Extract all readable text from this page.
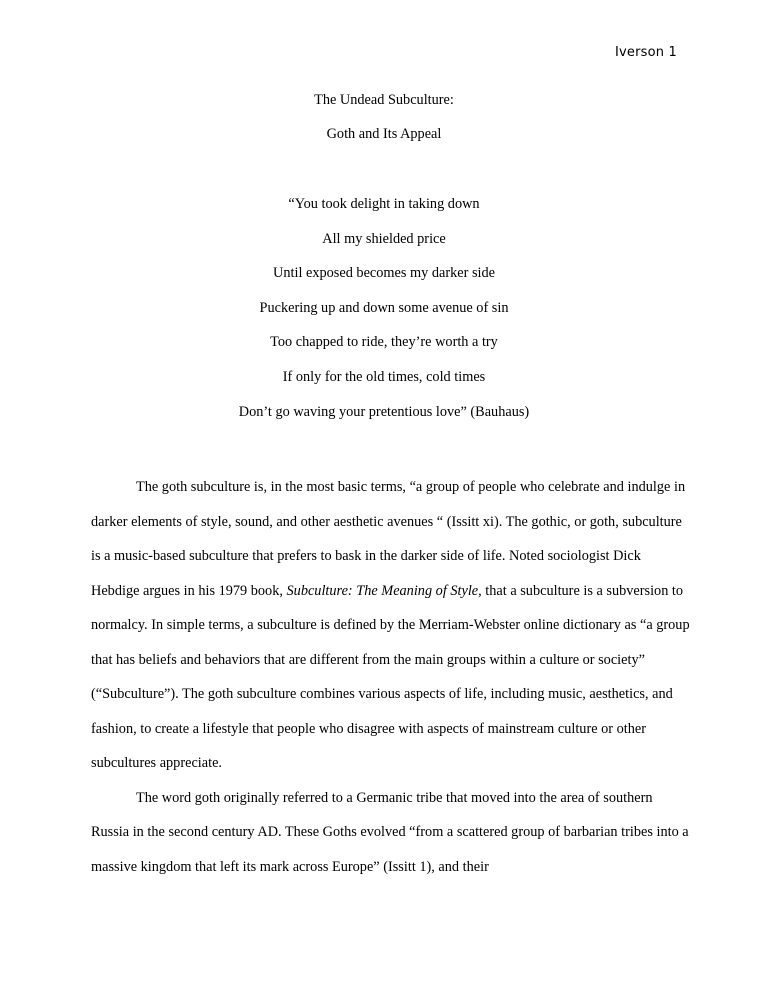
Iverson 1
The Undead Subculture:
Goth and Its Appeal
“You took delight in taking down
All my shielded price
Until exposed becomes my darker side
Puckering up and down some avenue of sin
Too chapped to ride, they’re worth a try
If only for the old times, cold times
Don’t go waving your pretentious love” (Bauhaus)

The goth subculture is, in the most basic terms, “a group of people who celebrate and indulge in darker elements of style, sound, and other aesthetic avenues “ (Issitt xi). The gothic, or goth, subculture is a music-based subculture that prefers to bask in the darker side of life. Noted sociologist Dick Hebdige argues in his 1979 book, Subculture: The Meaning of Style, that a subculture is a subversion to normalcy. In simple terms, a subculture is defined by the Merriam-Webster online dictionary as “a group that has beliefs and behaviors that are different from the main groups within a culture or society” (“Subculture”). The goth subculture combines various aspects of life, including music, aesthetics, and fashion, to create a lifestyle that people who disagree with aspects of mainstream culture or other subcultures appreciate.

The word goth originally referred to a Germanic tribe that moved into the area of southern Russia in the second century AD. These Goths evolved “from a scattered group of barbarian tribes into a massive kingdom that left its mark across Europe” (Issitt 1), and their
